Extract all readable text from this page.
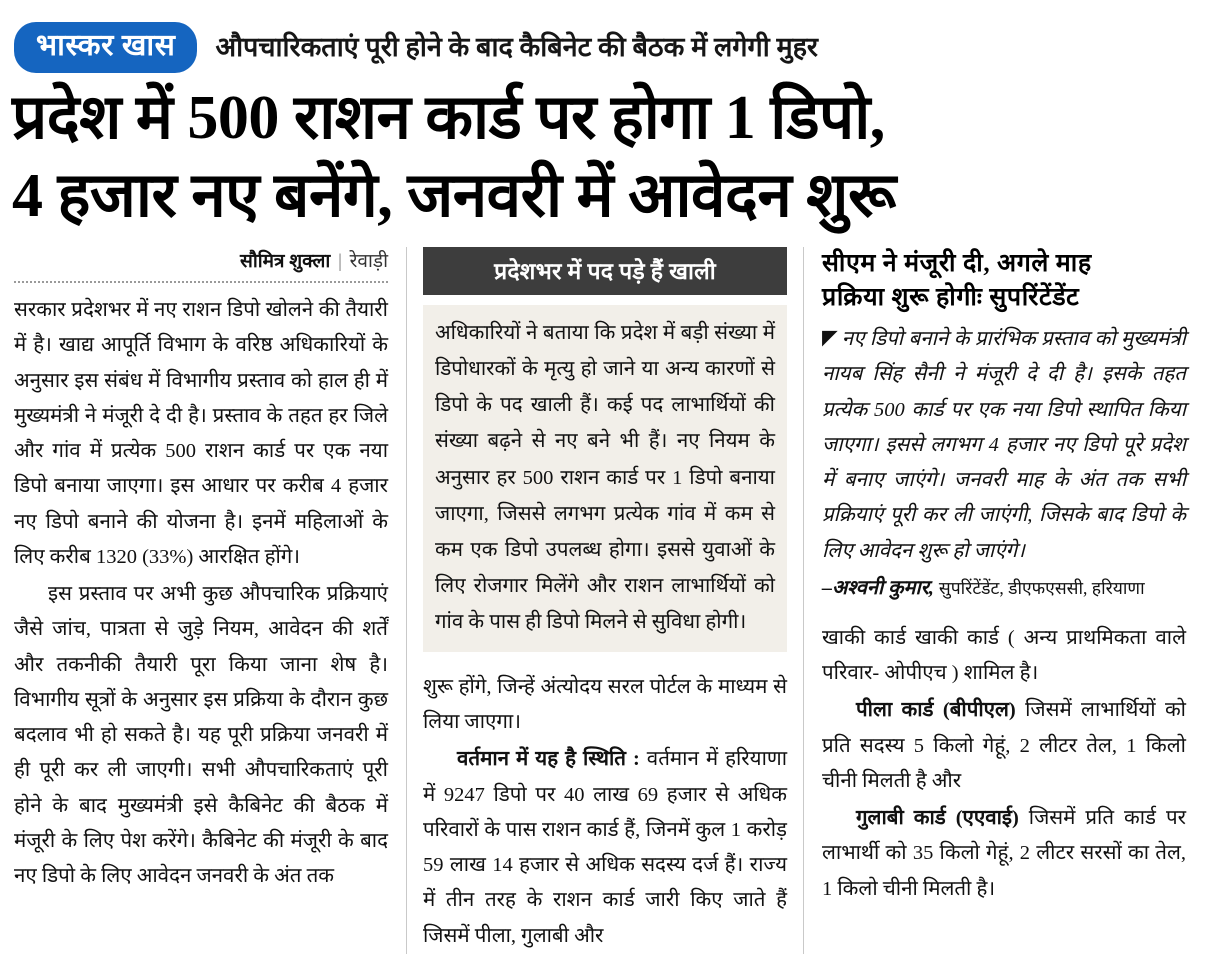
भास्कर खास	औपचारिकताएं पूरी होने के बाद कैबिनेट की बैठक में लगेगी मुहर
प्रदेश में 500 राशन कार्ड पर होगा 1 डिपो,
4 हजार नए बनेंगे, जनवरी में आवेदन शुरू
सौमित्र शुक्ला | रेवाड़ी

सरकार प्रदेशभर में नए राशन डिपो खोलने की तैयारी में है। खाद्य आपूर्ति विभाग के वरिष्ठ अधिकारियों के अनुसार इस संबंध में विभागीय प्रस्ताव को हाल ही में मुख्यमंत्री ने मंजूरी दे दी है। प्रस्ताव के तहत हर जिले और गांव में प्रत्येक 500 राशन कार्ड पर एक नया डिपो बनाया जाएगा। इस आधार पर करीब 4 हजार नए डिपो बनाने की योजना है। इनमें महिलाओं के लिए करीब 1320 (33%) आरक्षित होंगे।

इस प्रस्ताव पर अभी कुछ औपचारिक प्रक्रियाएं जैसे जांच, पात्रता से जुड़े नियम, आवेदन की शर्तें और तकनीकी तैयारी पूरा किया जाना शेष है। विभागीय सूत्रों के अनुसार इस प्रक्रिया के दौरान कुछ बदलाव भी हो सकते है। यह पूरी प्रक्रिया जनवरी में ही पूरी कर ली जाएगी। सभी औपचारिकताएं पूरी होने के बाद मुख्यमंत्री इसे कैबिनेट की बैठक में मंजूरी के लिए पेश करेंगे। कैबिनेट की मंजूरी के बाद नए डिपो के लिए आवेदन जनवरी के अंत तक

प्रदेशभर में पद पड़े हैं खाली

अधिकारियों ने बताया कि प्रदेश में बड़ी संख्या में डिपोधारकों के मृत्यु हो जाने या अन्य कारणों से डिपो के पद खाली हैं। कई पद लाभार्थियों की संख्या बढ़ने से नए बने भी हैं। नए नियम के अनुसार हर 500 राशन कार्ड पर 1 डिपो बनाया जाएगा, जिससे लगभग प्रत्येक गांव में कम से कम एक डिपो उपलब्ध होगा। इससे युवाओं के लिए रोजगार मिलेंगे और राशन लाभार्थियों को गांव के पास ही डिपो मिलने से सुविधा होगी।

शुरू होंगे, जिन्हें अंत्योदय सरल पोर्टल के माध्यम से लिया जाएगा।

वर्तमान में यह है स्थिति : वर्तमान में हरियाणा में 9247 डिपो पर 40 लाख 69 हजार से अधिक परिवारों के पास राशन कार्ड हैं, जिनमें कुल 1 करोड़ 59 लाख 14 हजार से अधिक सदस्य दर्ज हैं। राज्य में तीन तरह के राशन कार्ड जारी किए जाते हैं जिसमें पीला, गुलाबी और

सीएम ने मंजूरी दी, अगले माह
प्रक्रिया शुरू होगीः सुपरिंटेंडेंट

◤ नए डिपो बनाने के प्रारंभिक प्रस्ताव को मुख्यमंत्री नायब सिंह सैनी ने मंजूरी दे दी है। इसके तहत प्रत्येक 500 कार्ड पर एक नया डिपो स्थापित किया जाएगा। इससे लगभग 4 हजार नए डिपो पूरे प्रदेश में बनाए जाएंगे। जनवरी माह के अंत तक सभी प्रक्रियाएं पूरी कर ली जाएंगी, जिसके बाद डिपो के लिए आवेदन शुरू हो जाएंगे।

–अश्वनी कुमार, सुपरिंटेंडेंट, डीएफएससी, हरियाणा

खाकी कार्ड खाकी कार्ड ( अन्य प्राथमिकता वाले परिवार- ओपीएच ) शामिल है।

पीला कार्ड (बीपीएल) जिसमें लाभार्थियों को प्रति सदस्य 5 किलो गेहूं, 2 लीटर तेल, 1 किलो चीनी मिलती है और

गुलाबी कार्ड (एएवाई) जिसमें प्रति कार्ड पर लाभार्थी को 35 किलो गेहूं, 2 लीटर सरसों का तेल, 1 किलो चीनी मिलती है।
